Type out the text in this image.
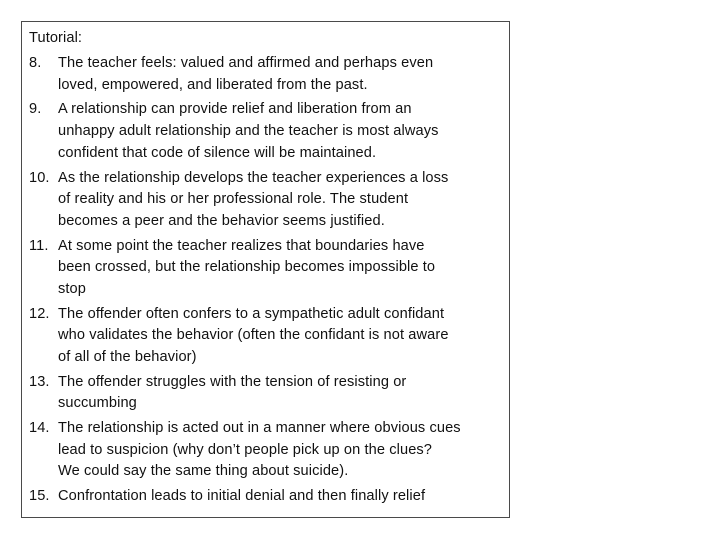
Tutorial:
8.	The teacher feels: valued and affirmed and perhaps even
loved, empowered, and liberated from the past.
9.	A relationship can provide relief and liberation from an
unhappy adult relationship and the teacher is most always
confident that code of silence will be maintained.
10. As the relationship develops the teacher experiences a loss
of reality and his or her professional role. The student
becomes a peer and the behavior seems justified.
11. At some point the teacher realizes that boundaries have
been crossed, but the relationship becomes impossible to
stop
12. The offender often confers to a sympathetic adult confidant
who validates the behavior (often the confidant is not aware
of all of the behavior)
13. The offender struggles with the tension of resisting or
succumbing
14. The relationship is acted out in a manner where obvious cues
lead to suspicion (why don’t people pick up on the clues?
We could say the same thing about suicide).
15. Confrontation leads to initial denial and then finally relief
